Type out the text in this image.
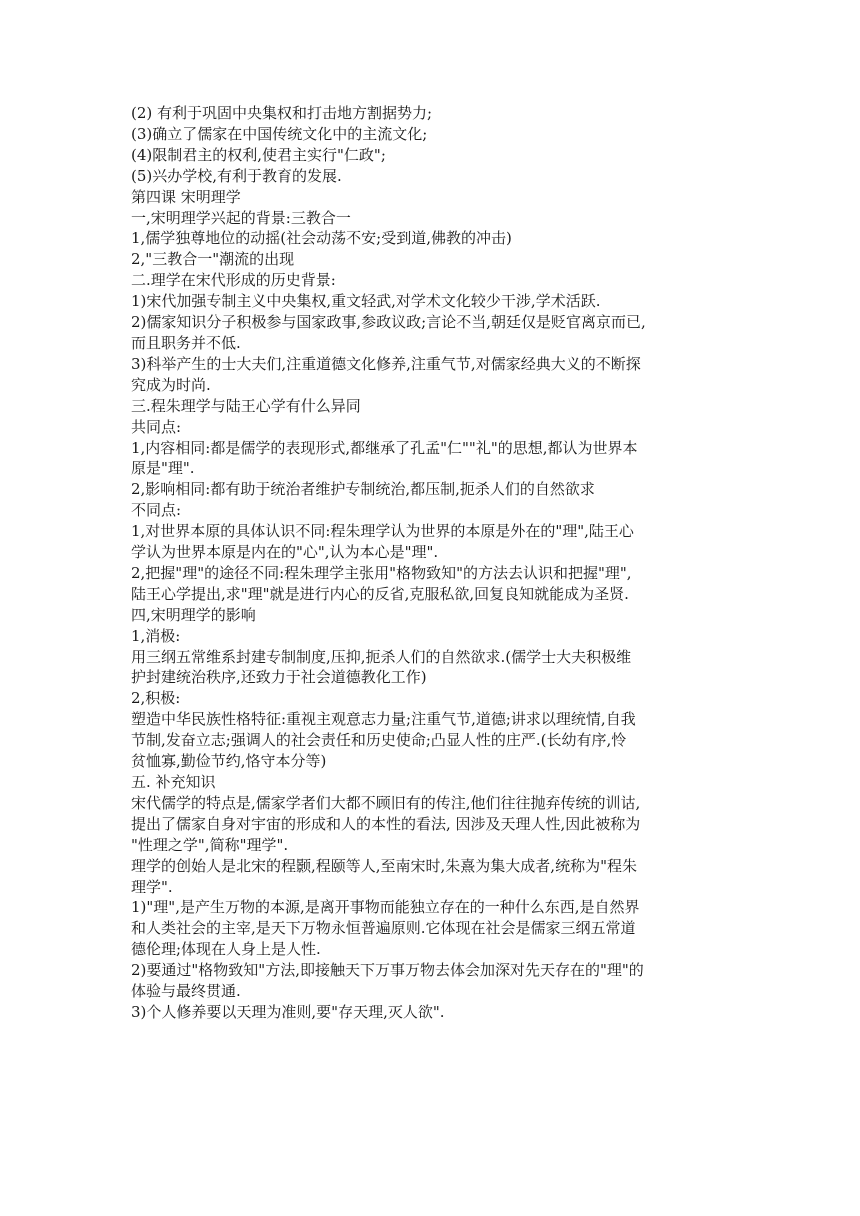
(2) 有利于巩固中央集权和打击地方割据势力;
(3)确立了儒家在中国传统文化中的主流文化;
(4)限制君主的权利,使君主实行"仁政";
(5)兴办学校,有利于教育的发展.
第四课 宋明理学
一,宋明理学兴起的背景:三教合一
1,儒学独尊地位的动摇(社会动荡不安;受到道,佛教的冲击)
2,"三教合一"潮流的出现
二.理学在宋代形成的历史背景:
1)宋代加强专制主义中央集权,重文轻武,对学术文化较少干涉,学术活跃.
2)儒家知识分子积极参与国家政事,参政议政;言论不当,朝廷仅是贬官离京而已,
而且职务并不低.
3)科举产生的士大夫们,注重道德文化修养,注重气节,对儒家经典大义的不断探
究成为时尚.
三.程朱理学与陆王心学有什么异同
共同点:
1,内容相同:都是儒学的表现形式,都继承了孔孟"仁""礼"的思想,都认为世界本
原是"理".
2,影响相同:都有助于统治者维护专制统治,都压制,扼杀人们的自然欲求
不同点:
1,对世界本原的具体认识不同:程朱理学认为世界的本原是外在的"理",陆王心
学认为世界本原是内在的"心",认为本心是"理".
2,把握"理"的途径不同:程朱理学主张用"格物致知"的方法去认识和把握"理",
陆王心学提出,求"理"就是进行内心的反省,克服私欲,回复良知就能成为圣贤.
四,宋明理学的影响
1,消极:
用三纲五常维系封建专制制度,压抑,扼杀人们的自然欲求.(儒学士大夫积极维
护封建统治秩序,还致力于社会道德教化工作)
2,积极:
塑造中华民族性格特征:重视主观意志力量;注重气节,道德;讲求以理统情,自我
节制,发奋立志;强调人的社会责任和历史使命;凸显人性的庄严.(长幼有序,怜
贫恤寡,勤俭节约,恪守本分等)
五. 补充知识
宋代儒学的特点是,儒家学者们大都不顾旧有的传注,他们往往抛弃传统的训诂,
提出了儒家自身对宇宙的形成和人的本性的看法, 因涉及天理人性,因此被称为
"性理之学",简称"理学".
理学的创始人是北宋的程颢,程颐等人,至南宋时,朱熹为集大成者,统称为"程朱
理学".
1)"理",是产生万物的本源,是离开事物而能独立存在的一种什么东西,是自然界
和人类社会的主宰,是天下万物永恒普遍原则.它体现在社会是儒家三纲五常道
德伦理;体现在人身上是人性.
2)要通过"格物致知"方法,即接触天下万事万物去体会加深对先天存在的"理"的
体验与最终贯通.
3)个人修养要以天理为准则,要"存天理,灭人欲".
